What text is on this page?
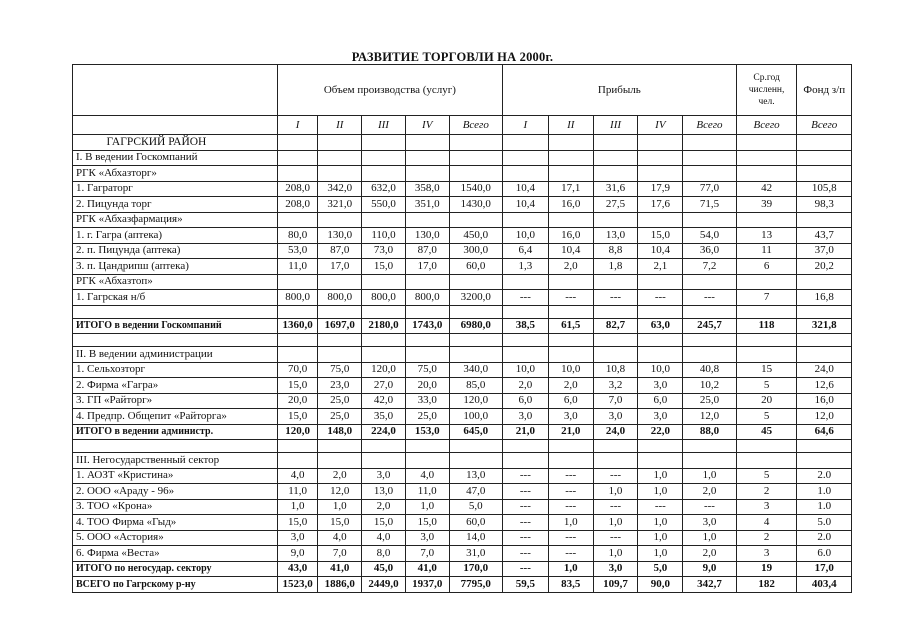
РАЗВИТИЕ ТОРГОВЛИ НА 2000г.
	Объем производства (услуг)					Прибыль					Ср.год численн, чел.	Фонд з/п
	I	II	III	IV	Всего	I	II	III	IV	Всего	Всего	Всего
ГАГРСКИЙ РАЙОН												
I. В ведении Госкомпаний												
РГК «Абхазторг»												
1. Гаграторг	208,0	342,0	632,0	358,0	1540,0	10,4	17,1	31,6	17,9	77,0	42	105,8
2. Пицунда торг	208,0	321,0	550,0	351,0	1430,0	10,4	16,0	27,5	17,6	71,5	39	98,3
РГК «Абхазфармация»												
1. г. Гагра (аптека)	80,0	130,0	110,0	130,0	450,0	10,0	16,0	13,0	15,0	54,0	13	43,7
2. п. Пицунда (аптека)	53,0	87,0	73,0	87,0	300,0	6,4	10,4	8,8	10,4	36,0	11	37,0
3. п. Цандрипш (аптека)	11,0	17,0	15,0	17,0	60,0	1,3	2,0	1,8	2,1	7,2	6	20,2
РГК «Абхазтоп»												
1. Гагрская н/б	800,0	800,0	800,0	800,0	3200,0	---	---	---	---	---	7	16,8

ИТОГО в ведении Госкомпаний	1360,0	1697,0	2180,0	1743,0	6980,0	38,5	61,5	82,7	63,0	245,7	118	321,8

II. В ведении администрации												
1. Сельхозторг	70,0	75,0	120,0	75,0	340,0	10,0	10,0	10,8	10,0	40,8	15	24,0
2. Фирма «Гагра»	15,0	23,0	27,0	20,0	85,0	2,0	2,0	3,2	3,0	10,2	5	12,6
3. ГП «Райторг»	20,0	25,0	42,0	33,0	120,0	6,0	6,0	7,0	6,0	25,0	20	16,0
4. Предпр. Общепит «Райторга»	15,0	25,0	35,0	25,0	100,0	3,0	3,0	3,0	3,0	12,0	5	12,0
ИТОГО в ведении администр.	120,0	148,0	224,0	153,0	645,0	21,0	21,0	24,0	22,0	88,0	45	64,6

III. Негосударственный сектор												
1. АОЗТ «Кристина»	4,0	2,0	3,0	4,0	13,0	---	---	---	1,0	1,0	5	2.0
2. ООО «Араду - 96»	11,0	12,0	13,0	11,0	47,0	---	---	1,0	1,0	2,0	2	1.0
3. ТОО «Крона»	1,0	1,0	2,0	1,0	5,0	---	---	---	---	---	3	1.0
4. ТОО Фирма «Гыд»	15,0	15,0	15,0	15,0	60,0	---	1,0	1,0	1,0	3,0	4	5.0
5. ООО «Астория»	3,0	4,0	4,0	3,0	14,0	---	---	---	1,0	1,0	2	2.0
6. Фирма «Веста»	9,0	7,0	8,0	7,0	31,0	---	---	1,0	1,0	2,0	3	6.0
ИТОГО по негосудар. сектору	43,0	41,0	45,0	41,0	170,0	---	1,0	3,0	5,0	9,0	19	17,0
ВСЕГО по Гагрскому р-ну	1523,0	1886,0	2449,0	1937,0	7795,0	59,5	83,5	109,7	90,0	342,7	182	403,4
